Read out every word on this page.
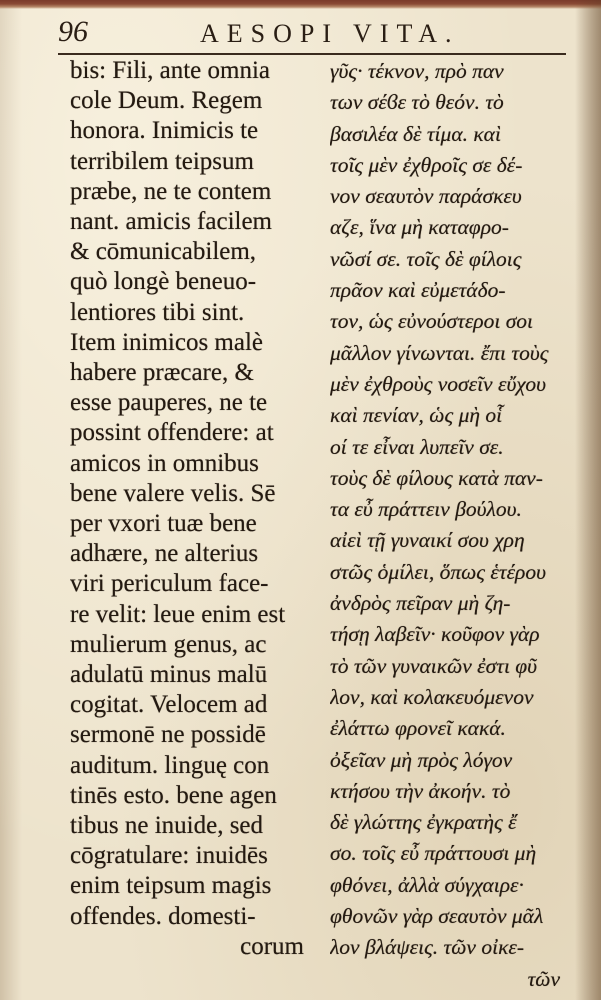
96	AESOPI VITA.
bis: Fili, ante omnia
cole Deum. Regem
honora. Inimicis te
terribilem teipsum
præbe, ne te contem
nant. amicis facilem
& cōmunicabilem,
quò longè beneuo-
lentiores tibi sint.
Item inimicos malè
habere præcare, &
esse pauperes, ne te
possint offendere: at
amicos in omnibus
bene valere velis. Sē
per vxori tuæ bene
adhære, ne alterius
viri periculum face-
re velit: leue enim est
mulierum genus, ac
adulatū minus malū
cogitat. Velocem ad
sermonē ne possidē
auditum. linguę con
tinēs esto. bene agen
tibus ne inuide, sed
cōgratulare: inuidēs
enim teipsum magis
offendes. domesti-
corum
γῦς· τέκνον, πρὸ παν
των σέϐε τὸ θεόν. τὸ
βασιλέα δὲ τίμα. καὶ
τοῖς μὲν ἐχθροῖς σε δέ-
νον σεαυτὸν παράσκευ
αζε, ἵνα μὴ καταφρο-
νῶσί σε. τοῖς δὲ φίλοις
πρᾶον καὶ εὐμετάδο-
τον, ὡς εὐνούστεροι σοι
μᾶλλον γίνωνται. ἔπι τοὺς
μὲν ἐχθροὺς νοσεῖν εὔχου
καὶ πενίαν, ὡς μὴ οἷ
οί τε εἶναι λυπεῖν σε.
τοὺς δὲ φίλους κατὰ παν-
τα εὖ πράττειν βούλου.
αἰεὶ τῇ γυναικί σου χρη
στῶς ὁμίλει, ὅπως ἑτέρου
ἀνδρὸς πεῖραν μὴ ζη-
τήσῃ λαβεῖν· κοῦφον γὰρ
τὸ τῶν γυναικῶν ἐστι φῦ
λον, καὶ κολακευόμενον
ἐλάττω φρονεῖ κακά.
ὀξεῖαν μὴ πρὸς λόγον
κτήσου τὴν ἀκοήν. τὸ
δὲ γλώττης ἐγκρατὴς ἔ
σο. τοῖς εὖ πράττουσι μὴ
φθόνει, ἀλλὰ σύγχαιρε·
φθονῶν γὰρ σεαυτὸν μᾶλ
λον βλάψεις. τῶν οἰκε-
τῶν
